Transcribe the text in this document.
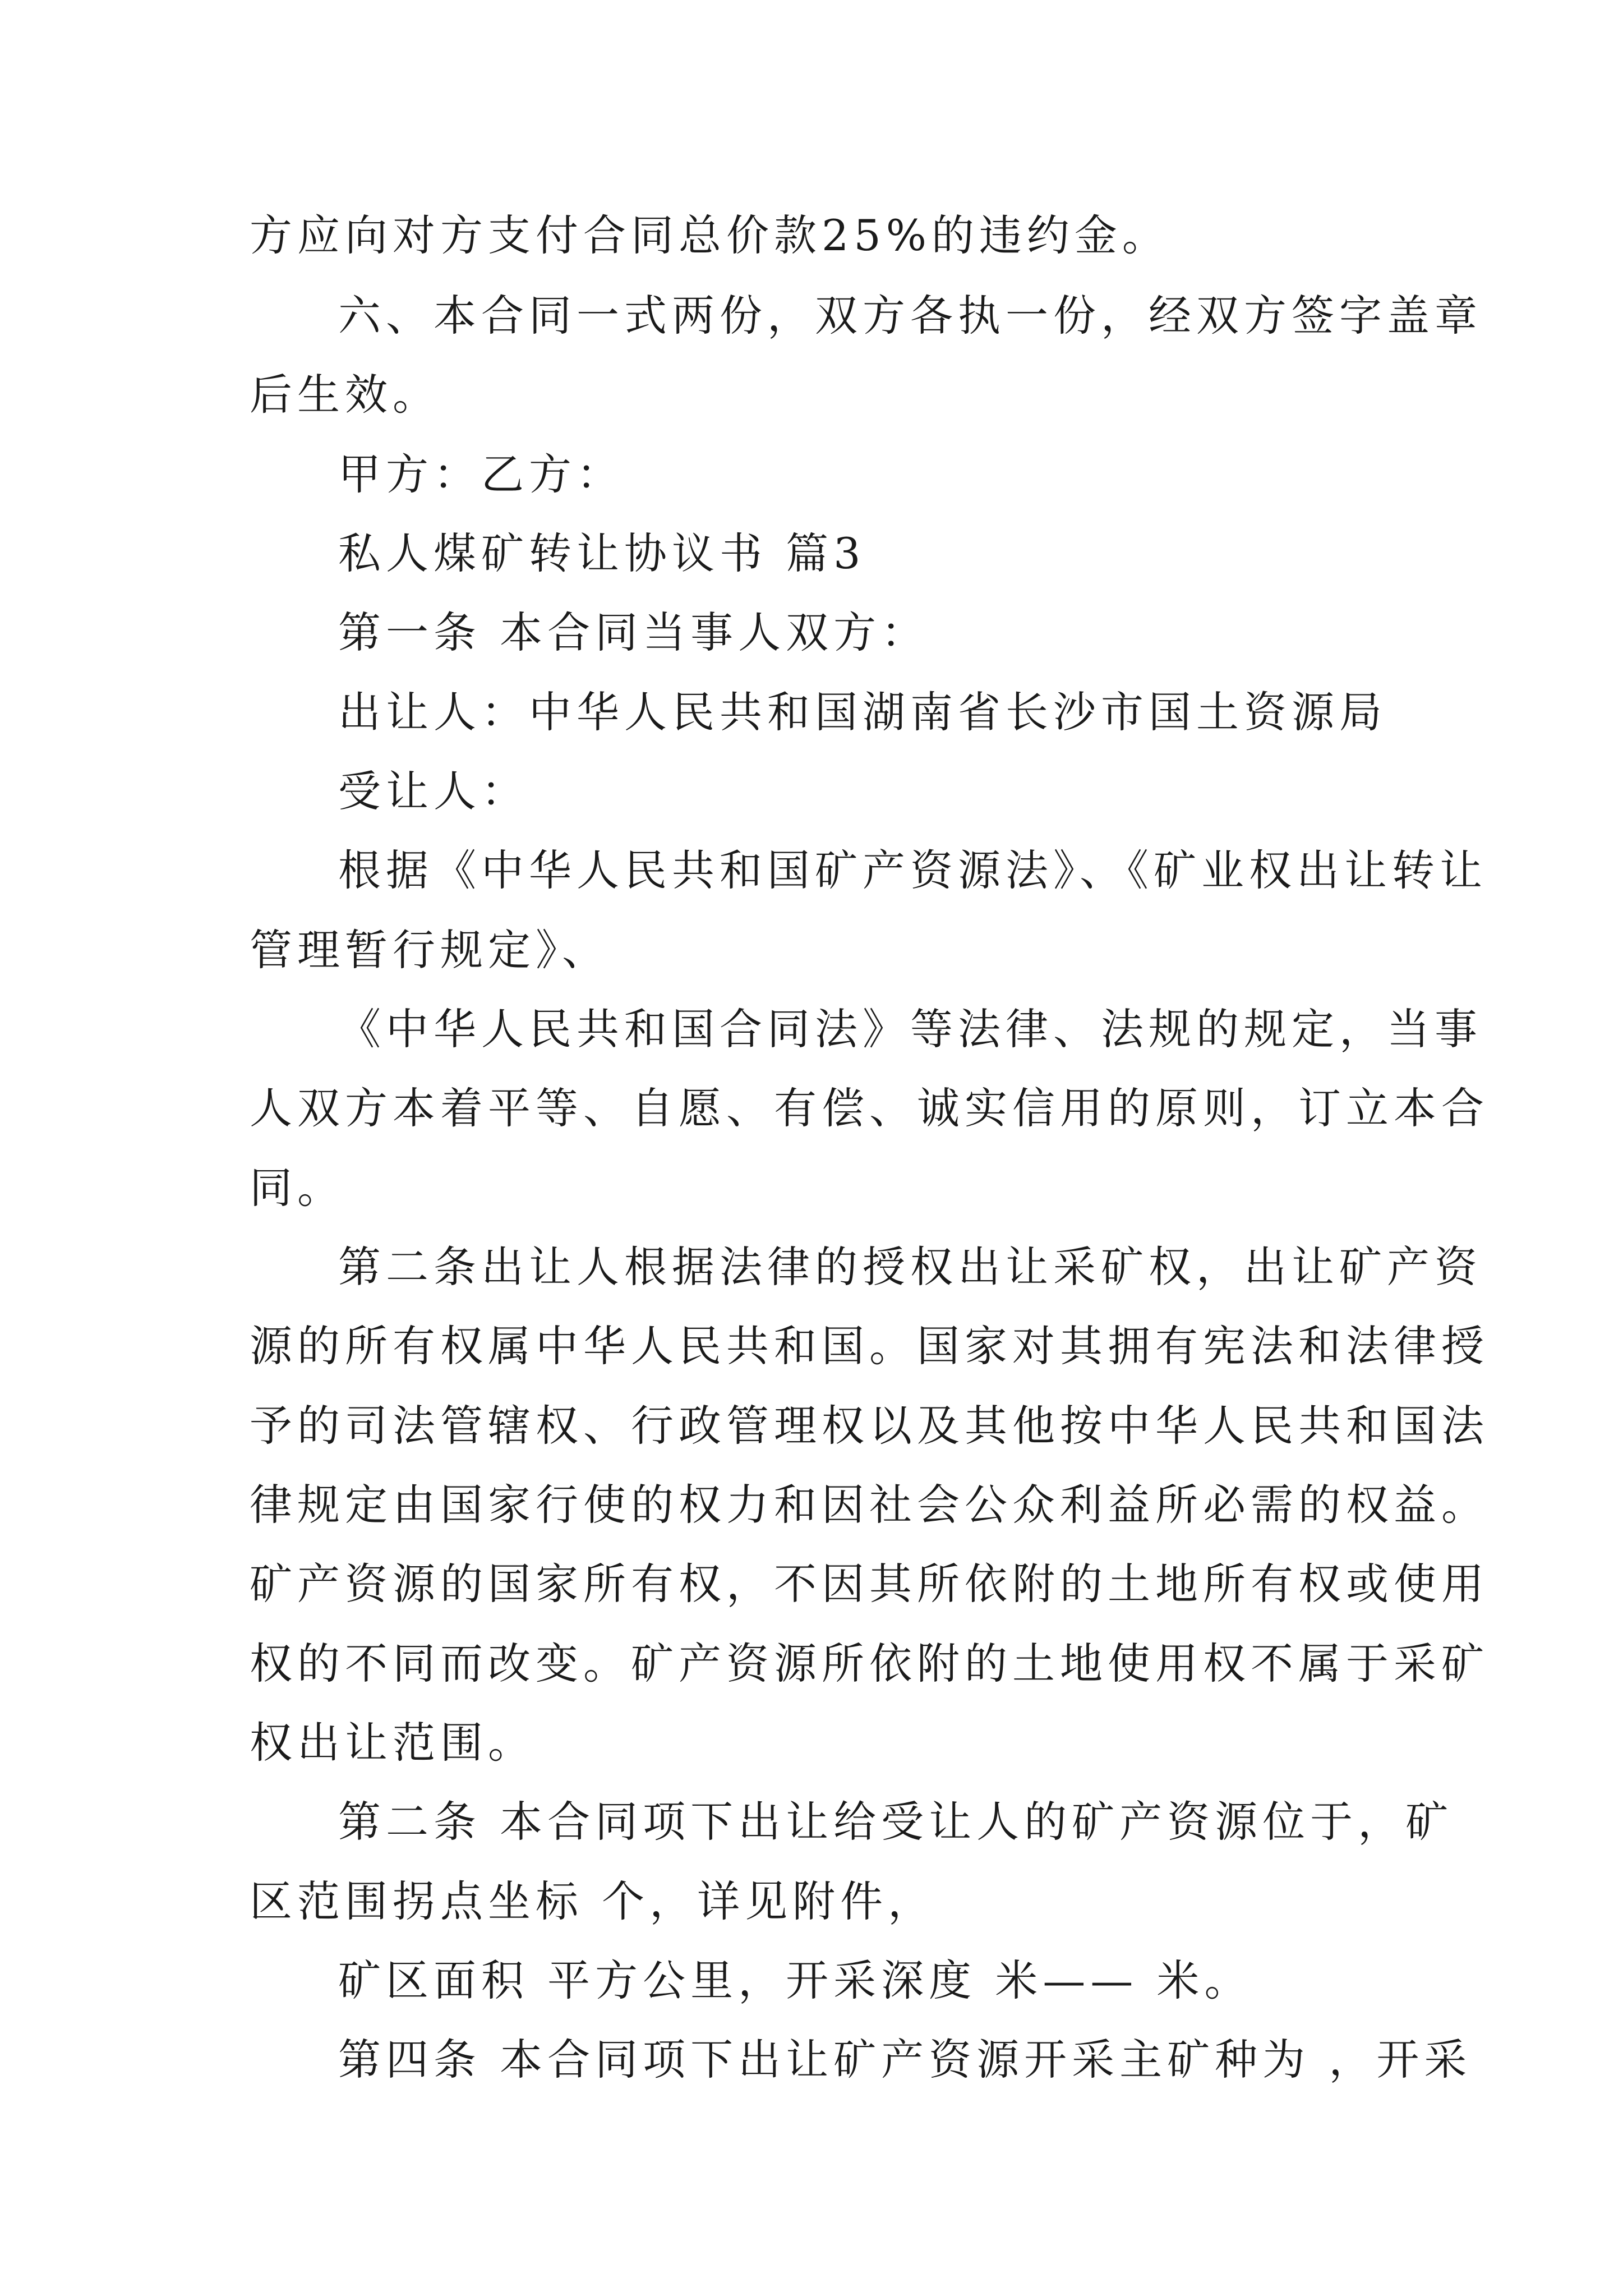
方应向对方支付合同总价款25%的违约金。
六、本合同一式两份，双方各执一份，经双方签字盖章
后生效。
甲方：乙方：
私人煤矿转让协议书 篇3
第一条 本合同当事人双方：
出让人：中华人民共和国湖南省长沙市国土资源局
受让人：
根据《中华人民共和国矿产资源法》、《矿业权出让转让
管理暂行规定》、
《中华人民共和国合同法》等法律、法规的规定，当事
人双方本着平等、自愿、有偿、诚实信用的原则，订立本合
同。
第二条出让人根据法律的授权出让采矿权，出让矿产资
源的所有权属中华人民共和国。国家对其拥有宪法和法律授
予的司法管辖权、行政管理权以及其他按中华人民共和国法
律规定由国家行使的权力和因社会公众利益所必需的权益。
矿产资源的国家所有权，不因其所依附的土地所有权或使用
权的不同而改变。矿产资源所依附的土地使用权不属于采矿
权出让范围。
第二条 本合同项下出让给受让人的矿产资源位于，矿
区范围拐点坐标 个，详见附件，
矿区面积 平方公里，开采深度 米—— 米。
第四条 本合同项下出让矿产资源开采主矿种为 ，开采
